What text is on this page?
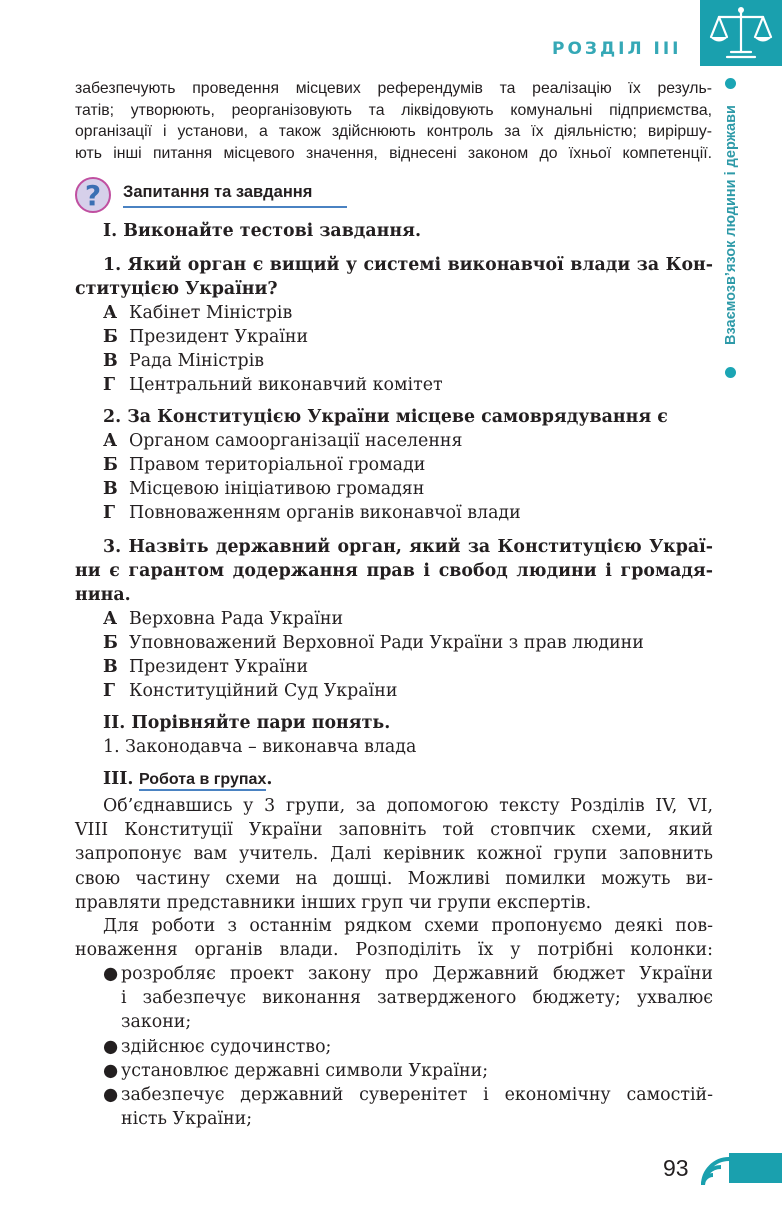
РОЗДІЛ III
Взаємозв’язок людини і держави
забезпечують проведення місцевих референдумів та реалізацію їх резуль-
татів; утворюють, реорганізовують та ліквідовують комунальні підприємства,
організації і установи, а також здійснюють контроль за їх діяльністю; виріршу-
ють інші питання місцевого значення, віднесені законом до їхньої компетенції.
? Запитання та завдання
І. Виконайте тестові завдання.
1. Який орган є вищий у системі виконавчої влади за Кон-
ституцією України?
А Кабінет Міністрів
Б Президент України
В Рада Міністрів
Г Центральний виконавчий комітет
2. За Конституцією України місцеве самоврядування є
А Органом самоорганізації населення
Б Правом територіальної громади
В Місцевою ініціативою громадян
Г Повноваженням органів виконавчої влади
3. Назвіть державний орган, який за Конституцією Украї-
ни є гарантом додержання прав і свобод людини і громадя-
нина.
А Верховна Рада України
Б Уповноважений Верховної Ради України з прав людини
В Президент України
Г Конституційний Суд України
ІІ. Порівняйте пари понять.
1. Законодавча – виконавча влада
ІІІ. Робота в групах.
Об’єднавшись у 3 групи, за допомогою тексту Розділів IV, VI,
VIII Конституції України заповніть той стовпчик схеми, який
запропонує вам учитель. Далі керівник кожної групи заповнить
свою частину схеми на дошці. Можливі помилки можуть ви-
правляти представники інших груп чи групи експертів.
Для роботи з останнім рядком схеми пропонуємо деякі пов-
новаження органів влади. Розподіліть їх у потрібні колонки:
● розробляє проект закону про Державний бюджет України
і забезпечує виконання затвердженого бюджету; ухвалює
закони;
● здійснює судочинство;
● установлює державні символи України;
● забезпечує державний суверенітет і економічну самостій-
ність України;
93
